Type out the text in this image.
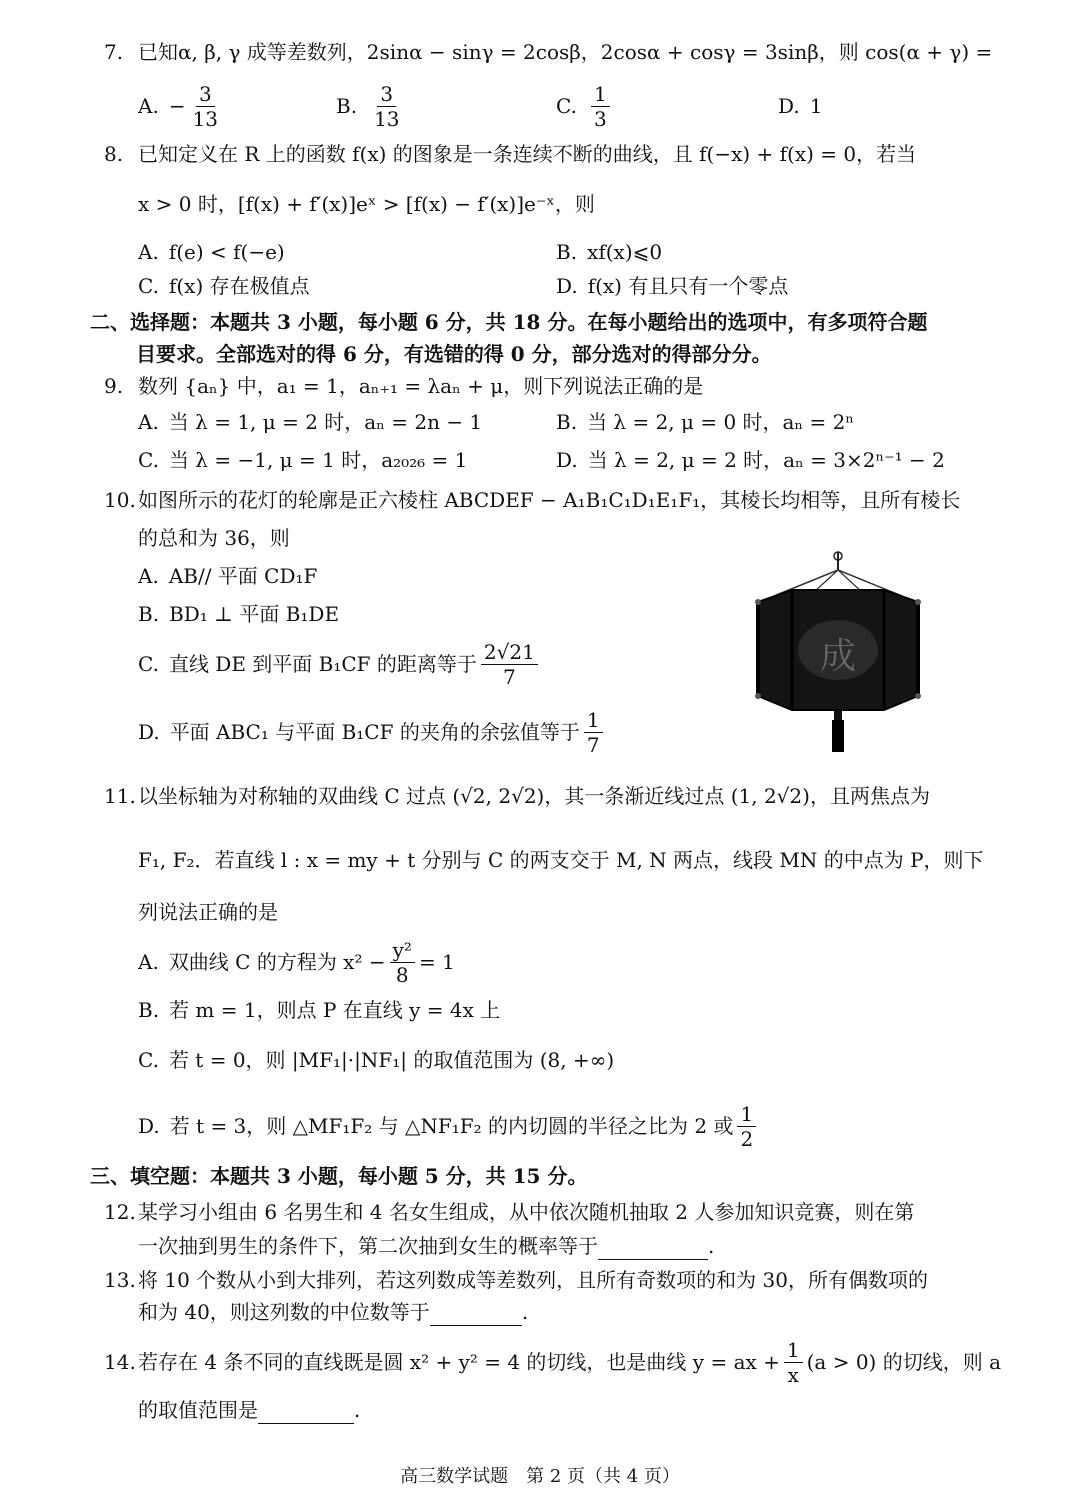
7. 已知α, β, γ 成等差数列，2sinα − sinγ = 2cosβ，2cosα + cosγ = 3sinβ，则 cos(α + γ) =
A. − $\frac{3}{13}$	B. $\frac{3}{13}$	C. $\frac{1}{3}$	D. 1
8. 已知定义在 R 上的函数 f(x) 的图象是一条连续不断的曲线，且 f(−x) + f(x) = 0，若当
x > 0 时，[f(x) + f′(x)]eˣ > [f(x) − f′(x)]e⁻ˣ，则
A. f(e) < f(−e)	B. xf(x)⩽0
C. f(x) 存在极值点	D. f(x) 有且只有一个零点
二、选择题：本题共 3 小题，每小题 6 分，共 18 分。在每小题给出的选项中，有多项符合题
目要求。全部选对的得 6 分，有选错的得 0 分，部分选对的得部分分。
9. 数列 {aₙ} 中，a₁ = 1，aₙ₊₁ = λaₙ + μ，则下列说法正确的是
A. 当 λ = 1, μ = 2 时，aₙ = 2n − 1	B. 当 λ = 2, μ = 0 时，aₙ = 2ⁿ
C. 当 λ = −1, μ = 1 时，a₂₀₂₆ = 1	D. 当 λ = 2, μ = 2 时，aₙ = 3×2ⁿ⁻¹ − 2
10. 如图所示的花灯的轮廓是正六棱柱 ABCDEF − A₁B₁C₁D₁E₁F₁，其棱长均相等，且所有棱长
的总和为 36，则
A. AB// 平面 CD₁F
B. BD₁ ⊥ 平面 B₁DE
C. 直线 DE 到平面 B₁CF 的距离等于 $\frac{2√21}{7}$
D. 平面 ABC₁ 与平面 B₁CF 的夹角的余弦值等于 $\frac{1}{7}$
成
11. 以坐标轴为对称轴的双曲线 C 过点 (√2, 2√2)，其一条渐近线过点 (1, 2√2)，且两焦点为
F₁, F₂．若直线 l : x = my + t 分别与 C 的两支交于 M, N 两点，线段 MN 的中点为 P，则下
列说法正确的是
A. 双曲线 C 的方程为 $x^2 - \frac{\text{y²}}{8} = 1$
B. 若 m = 1，则点 P 在直线 y = 4x 上
C. 若 t = 0，则 |MF₁|·|NF₁| 的取值范围为 (8, +∞)
D. 若 t = 3，则 △MF₁F₂ 与 △NF₁F₂ 的内切圆的半径之比为 2 或 $\frac{1}{2}$
三、填空题：本题共 3 小题，每小题 5 分，共 15 分。
12. 某学习小组由 6 名男生和 4 名女生组成，从中依次随机抽取 2 人参加知识竞赛，则在第
一次抽到男生的条件下，第二次抽到女生的概率等于	.
13. 将 10 个数从小到大排列，若这列数成等差数列，且所有奇数项的和为 30，所有偶数项的
和为 40，则这列数的中位数等于	.
14. 若存在 4 条不同的直线既是圆 x² + y² = 4 的切线，也是曲线 y = ax + $\frac{1}{x} (a > 0)$ 的切线，则 a
的取值范围是	.
高三数学试题　第 2 页（共 4 页）
